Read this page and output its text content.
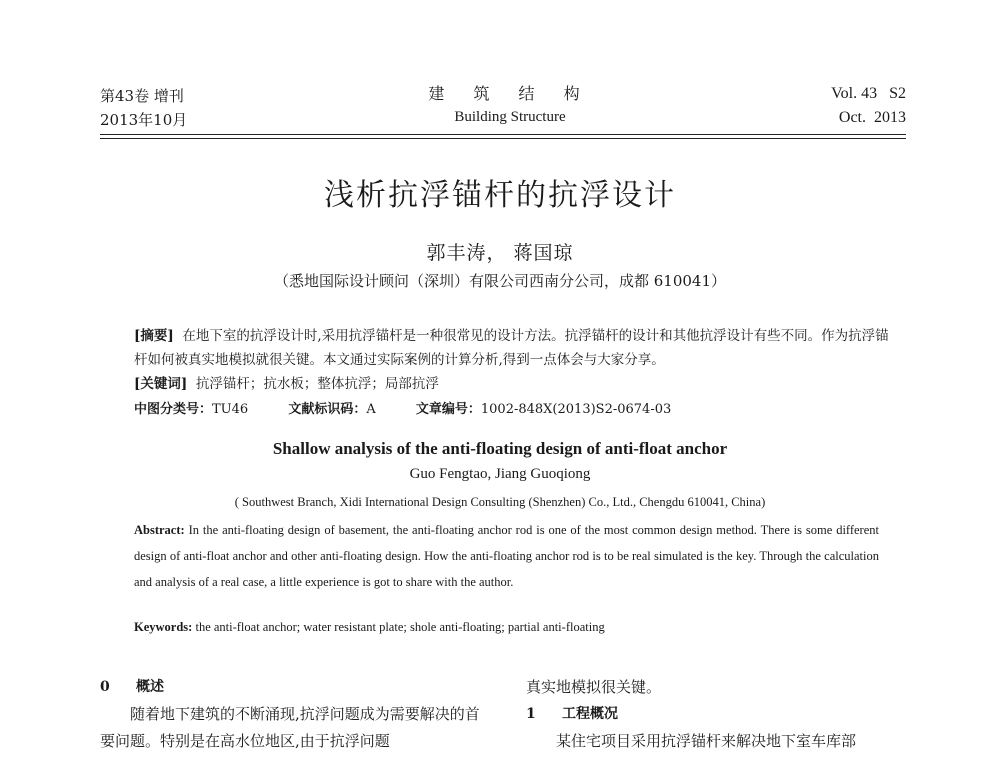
第43卷 增刊
2013年10月
建 筑 结 构
Building Structure
Vol. 43   S2
Oct.  2013
浅析抗浮锚杆的抗浮设计
郭丰涛， 蒋国琼
（悉地国际设计顾问（深圳）有限公司西南分公司，成都 610041）
[摘要] 在地下室的抗浮设计时,采用抗浮锚杆是一种很常见的设计方法。抗浮锚杆的设计和其他抗浮设计有些不同。作为抗浮锚杆如何被真实地模拟就很关键。本文通过实际案例的计算分析,得到一点体会与大家分享。
[关键词] 抗浮锚杆；抗水板；整体抗浮；局部抗浮
中图分类号：TU46	文献标识码：A	文章编号：1002-848X(2013)S2-0674-03
Shallow analysis of the anti-floating design of anti-float anchor
Guo Fengtao, Jiang Guoqiong
( Southwest Branch, Xidi International Design Consulting (Shenzhen) Co., Ltd., Chengdu 610041, China)
Abstract: In the anti-floating design of basement, the anti-floating anchor rod is one of the most common design method. There is some different design of anti-float anchor and other anti-floating design. How the anti-floating anchor rod is to be real simulated is the key. Through the calculation and analysis of a real case, a little experience is got to share with the author.
Keywords: the anti-float anchor; water resistant plate; shole anti-floating; partial anti-floating
0 概述
随着地下建筑的不断涌现,抗浮问题成为需要解决的首要问题。特别是在高水位地区,由于抗浮问题
真实地模拟很关键。
1 工程概况
某住宅项目采用抗浮锚杆来解决地下室车库部
